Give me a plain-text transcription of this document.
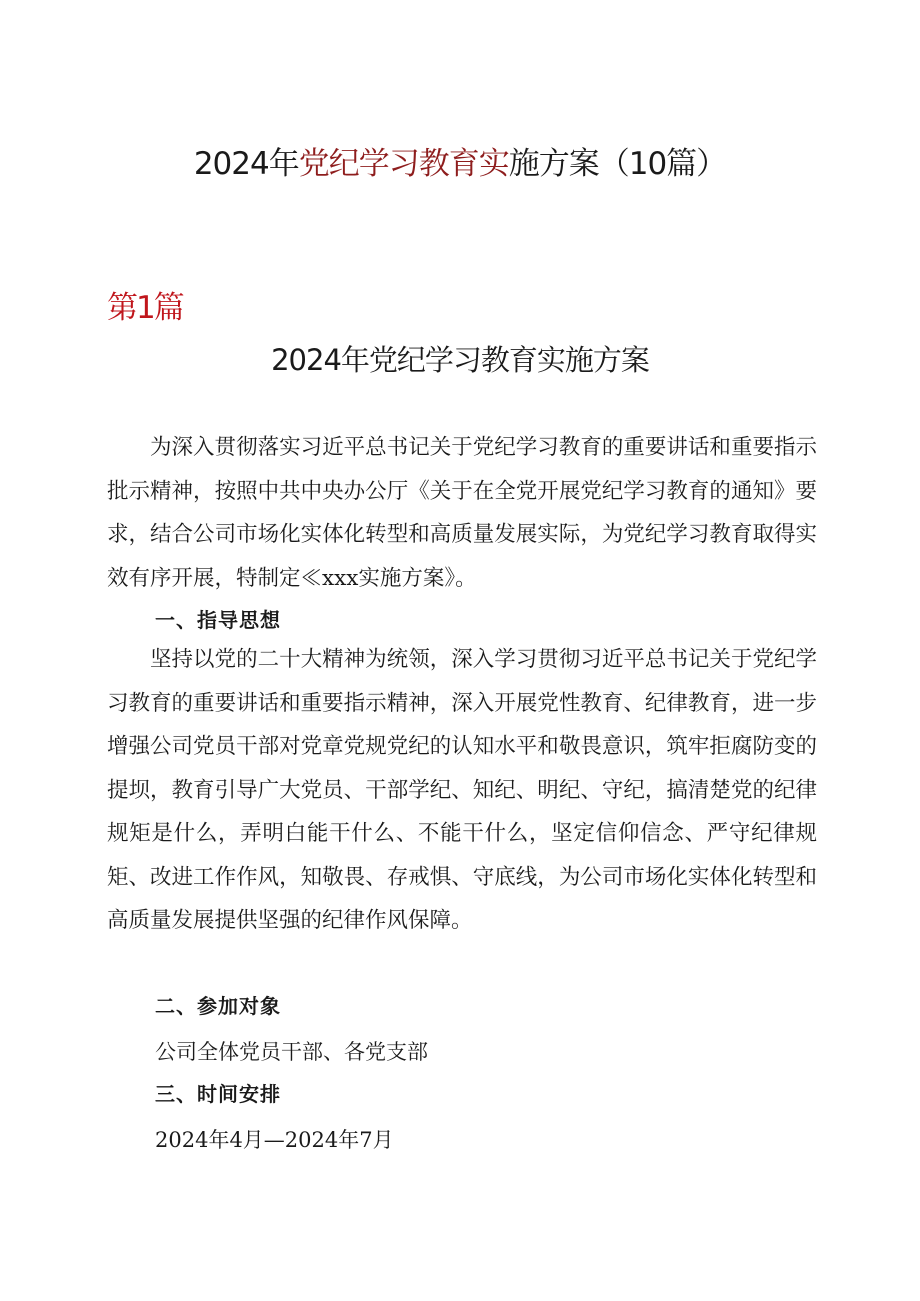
2024年党纪学习教育实施方案（10篇）
第1篇
2024年党纪学习教育实施方案

为深入贯彻落实习近平总书记关于党纪学习教育的重要讲话和重要指示批示精神，按照中共中央办公厅《关于在全党开展党纪学习教育的通知》要求，结合公司市场化实体化转型和高质量发展实际，为党纪学习教育取得实效有序开展，特制定≪xxx实施方案》。

一、指导思想

坚持以党的二十大精神为统领，深入学习贯彻习近平总书记关于党纪学习教育的重要讲话和重要指示精神，深入开展党性教育、纪律教育，进一步增强公司党员干部对党章党规党纪的认知水平和敬畏意识，筑牢拒腐防变的提坝，教育引导广大党员、干部学纪、知纪、明纪、守纪，搞清楚党的纪律规矩是什么，弄明白能干什么、不能干什么，坚定信仰信念、严守纪律规矩、改进工作作风，知敬畏、存戒惧、守底线，为公司市场化实体化转型和高质量发展提供坚强的纪律作风保障。

二、参加对象
公司全体党员干部、各党支部
三、时间安排
2024年4月—2024年7月
